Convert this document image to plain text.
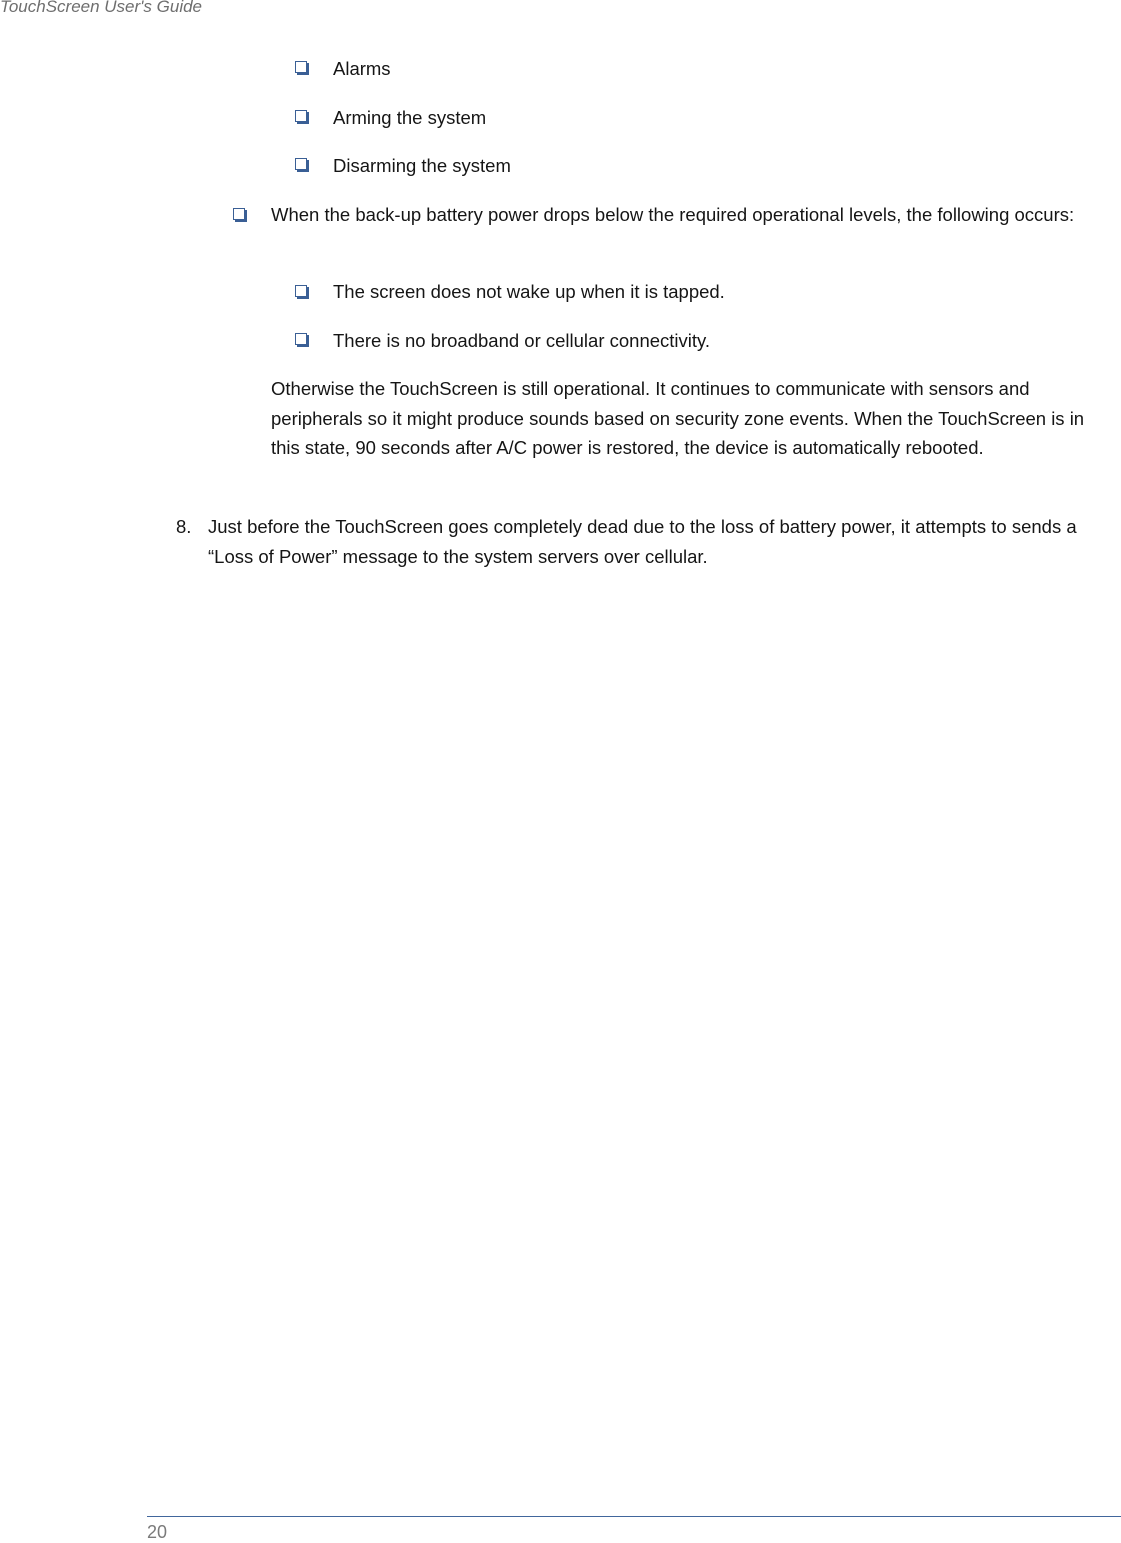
TouchScreen User's Guide
Alarms
Arming the system
Disarming the system
When the back-up battery power drops below the required operational levels, the following occurs:
The screen does not wake up when it is tapped.
There is no broadband or cellular connectivity.
Otherwise the TouchScreen is still operational. It continues to communicate with sensors and peripherals so it might produce sounds based on security zone events. When the TouchScreen is in this state, 90 seconds after A/C power is restored, the device is automatically rebooted.
8. Just before the TouchScreen goes completely dead due to the loss of battery power, it attempts to sends a “Loss of Power” message to the system servers over cellular.
20
